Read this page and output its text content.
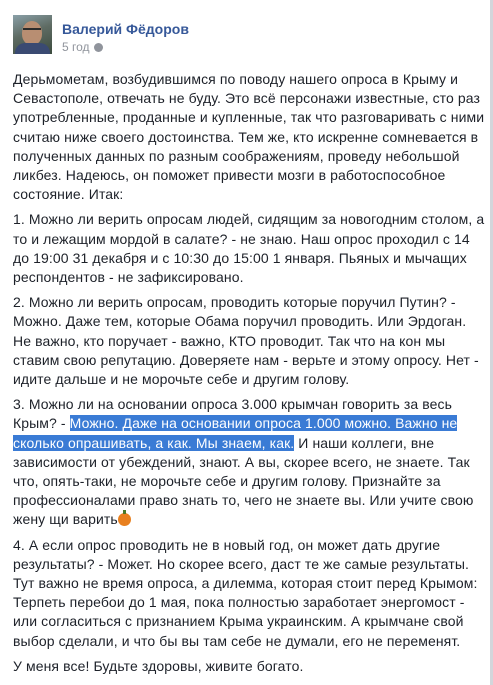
Валерий Фёдоров
5 год

Дерьмометам, возбудившимся по поводу нашего опроса в Крыму и Севастополе, отвечать не буду. Это всё персонажи известные, сто раз употребленные, проданные и купленные, так что разговаривать с ними считаю ниже своего достоинства. Тем же, кто искренне сомневается в полученных данных по разным соображениям, проведу небольшой ликбез. Надеюсь, он поможет привести мозги в работоспособное состояние. Итак:

1. Можно ли верить опросам людей, сидящим за новогодним столом, а то и лежащим мордой в салате? - не знаю. Наш опрос проходил с 14 до 19:00 31 декабря и с 10:30 до 15:00 1 января. Пьяных и мычащих респондентов - не зафиксировано.

2. Можно ли верить опросам, проводить которые поручил Путин? - Можно. Даже тем, которые Обама поручил проводить. Или Эрдоган. Не важно, кто поручает - важно, КТО проводит. Так что на кон мы ставим свою репутацию. Доверяете нам - верьте и этому опросу. Нет - идите дальше и не морочьте себе и другим голову.

3. Можно ли на основании опроса 3.000 крымчан говорить за весь Крым? - Можно. Даже на основании опроса 1.000 можно. Важно не сколько опрашивать, а как. Мы знаем, как. И наши коллеги, вне зависимости от убеждений, знают. А вы, скорее всего, не знаете. Так что, опять-таки, не морочьте себе и другим голову. Признайте за профессионалами право знать то, чего не знаете вы. Или учите свою жену щи варить

4. А если опрос проводить не в новый год, он может дать другие результаты? - Может. Но скорее всего, даст те же самые результаты. Тут важно не время опроса, а дилемма, которая стоит перед Крымом: Терпеть перебои до 1 мая, пока полностью заработает энергомост - или согласиться с признанием Крыма украинским. А крымчане свой выбор сделали, и что бы вы там себе не думали, его не переменят.

У меня все! Будьте здоровы, живите богато.
